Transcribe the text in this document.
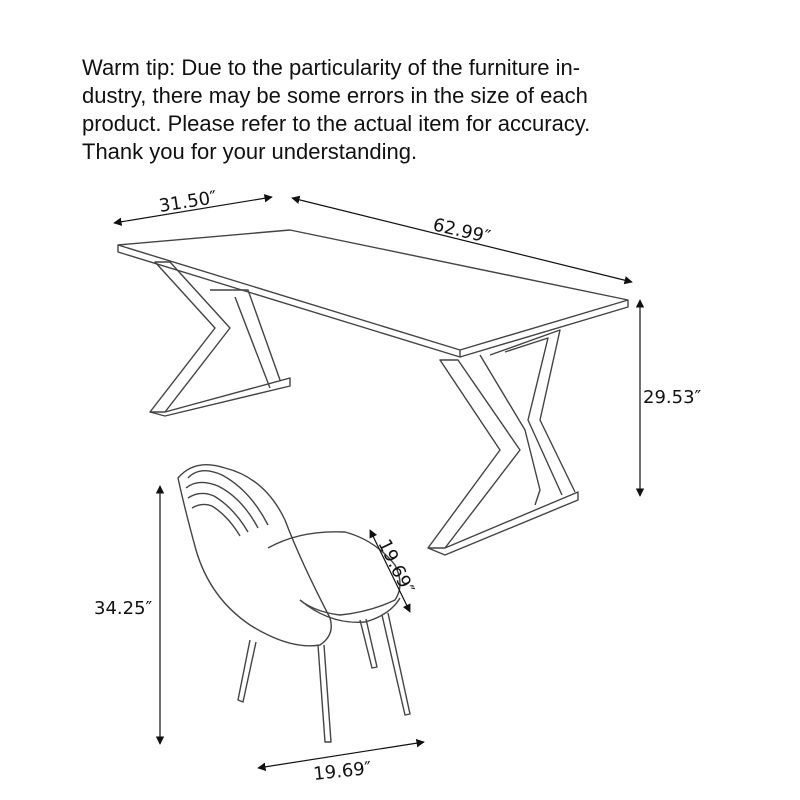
Warm tip: Due to the particularity of the furniture in-
dustry, there may be some errors in the size of each
product. Please refer to the actual item for accuracy.
Thank you for your understanding.
31.50″
62.99″
29.53″
34.25″
19.69″
19.69″
